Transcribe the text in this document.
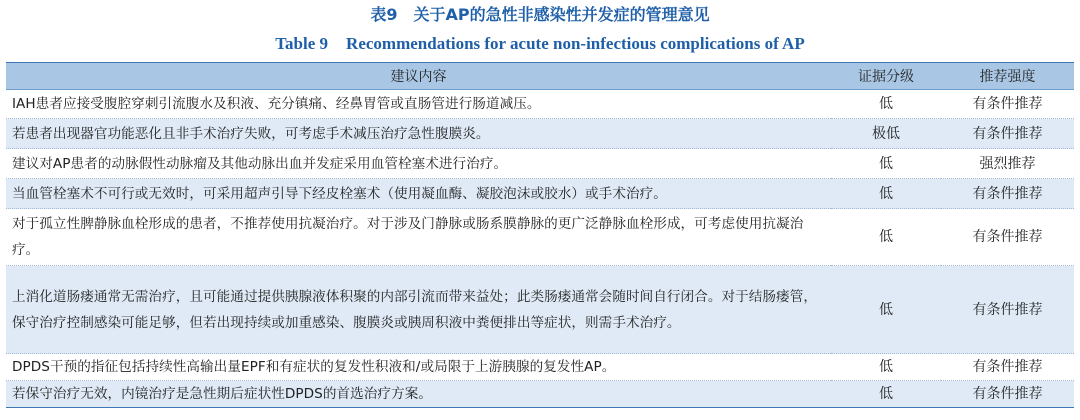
表9 关于AP的急性非感染性并发症的管理意见
Table 9 Recommendations for acute non-infectious complications of AP
建议内容	证据分级	推荐强度
IAH患者应接受腹腔穿刺引流腹水及积液、充分镇痛、经鼻胃管或直肠管进行肠道减压。	低	有条件推荐
若患者出现器官功能恶化且非手术治疗失败，可考虑手术减压治疗急性腹膜炎。	极低	有条件推荐
建议对AP患者的动脉假性动脉瘤及其他动脉出血并发症采用血管栓塞术进行治疗。	低	强烈推荐
当血管栓塞术不可行或无效时，可采用超声引导下经皮栓塞术（使用凝血酶、凝胶泡沫或胶水）或手术治疗。	低	有条件推荐
对于孤立性脾静脉血栓形成的患者，不推荐使用抗凝治疗。对于涉及门静脉或肠系膜静脉的更广泛静脉血栓形成，可考虑使用抗凝治疗。	低	有条件推荐
上消化道肠瘘通常无需治疗，且可能通过提供胰腺液体积聚的内部引流而带来益处；此类肠瘘通常会随时间自行闭合。对于结肠瘘管，保守治疗控制感染可能足够，但若出现持续或加重感染、腹膜炎或胰周积液中粪便排出等症状，则需手术治疗。	低	有条件推荐
DPDS干预的指征包括持续性高输出量EPF和有症状的复发性积液和/或局限于上游胰腺的复发性AP。	低	有条件推荐
若保守治疗无效，内镜治疗是急性期后症状性DPDS的首选治疗方案。	低	有条件推荐
